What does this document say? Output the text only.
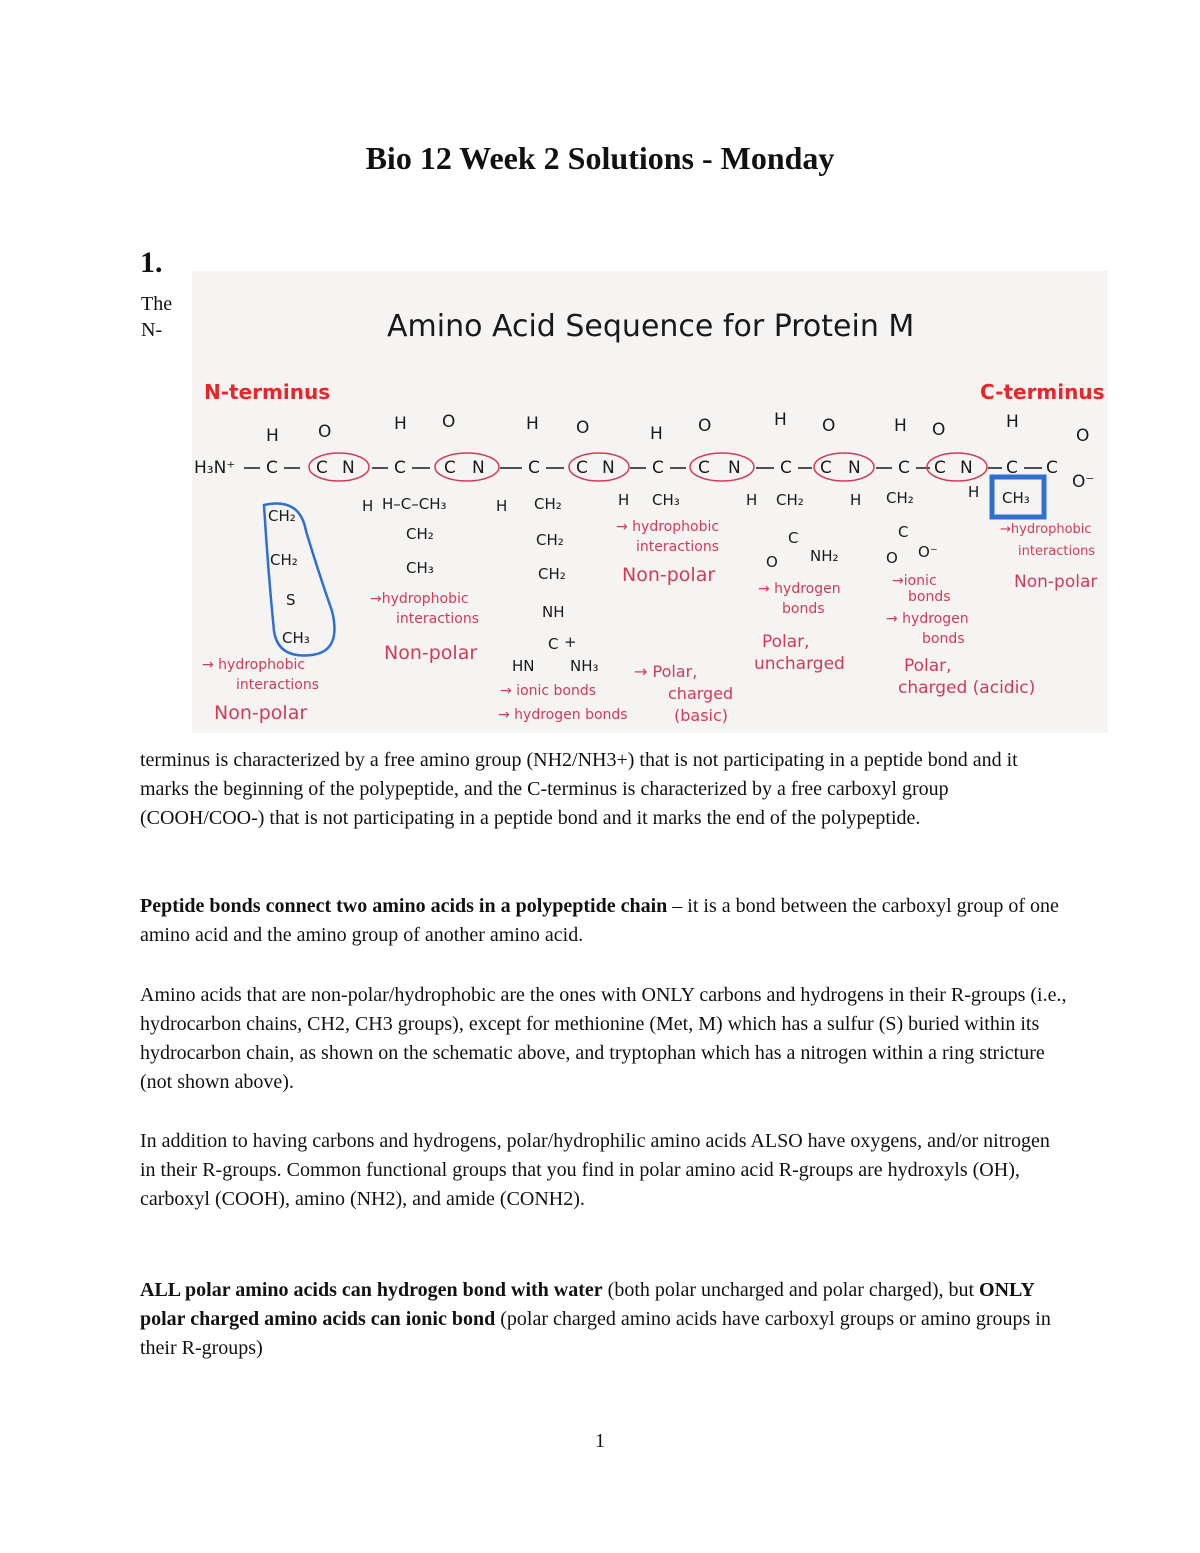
Bio 12 Week 2 Solutions - Monday
1.
The
N-	Amino Acid Sequence for Protein M
N-terminus	C-terminus
H₃N⁺ C
H O
C N C
H O
C N	C
H O
C N C
H O
C N C
H O
C N C
H O
C N C
H
C
O
O⁻
H	H	H	H	H	H
CH₂
CH₂
S
CH₃
→ hydrophobic
interactions
Non-polar
H–C–CH₃
CH₂
CH₃
→hydrophobic
interactions
Non-polar
CH₂
CH₂
CH₂
NH
C
HN NH₃
+
→ ionic bonds
→ hydrogen bonds
→ Polar,
charged
(basic)
CH₃
→ hydrophobic
interactions
Non-polar
CH₂
C
O NH₂
→ hydrogen
bonds
Polar,
uncharged
CH₂
C
O O⁻
→ionic
bonds
→ hydrogen
bonds
Polar,
charged (acidic)
CH₃
→hydrophobic
interactions
Non-polar

terminus is characterized by a free amino group (NH2/NH3+) that is not participating in a peptide bond and it marks the beginning of the polypeptide, and the C-terminus is characterized by a free carboxyl group (COOH/COO-) that is not participating in a peptide bond and it marks the end of the polypeptide.

Peptide bonds connect two amino acids in a polypeptide chain – it is a bond between the carboxyl group of one amino acid and the amino group of another amino acid.

Amino acids that are non-polar/hydrophobic are the ones with ONLY carbons and hydrogens in their R-groups (i.e., hydrocarbon chains, CH2, CH3 groups), except for methionine (Met, M) which has a sulfur (S) buried within its hydrocarbon chain, as shown on the schematic above, and tryptophan which has a nitrogen within a ring stricture (not shown above).

In addition to having carbons and hydrogens, polar/hydrophilic amino acids ALSO have oxygens, and/or nitrogen in their R-groups. Common functional groups that you find in polar amino acid R-groups are hydroxyls (OH), carboxyl (COOH), amino (NH2), and amide (CONH2).

ALL polar amino acids can hydrogen bond with water (both polar uncharged and polar charged), but ONLY polar charged amino acids can ionic bond (polar charged amino acids have carboxyl groups or amino groups in their R-groups)

1
